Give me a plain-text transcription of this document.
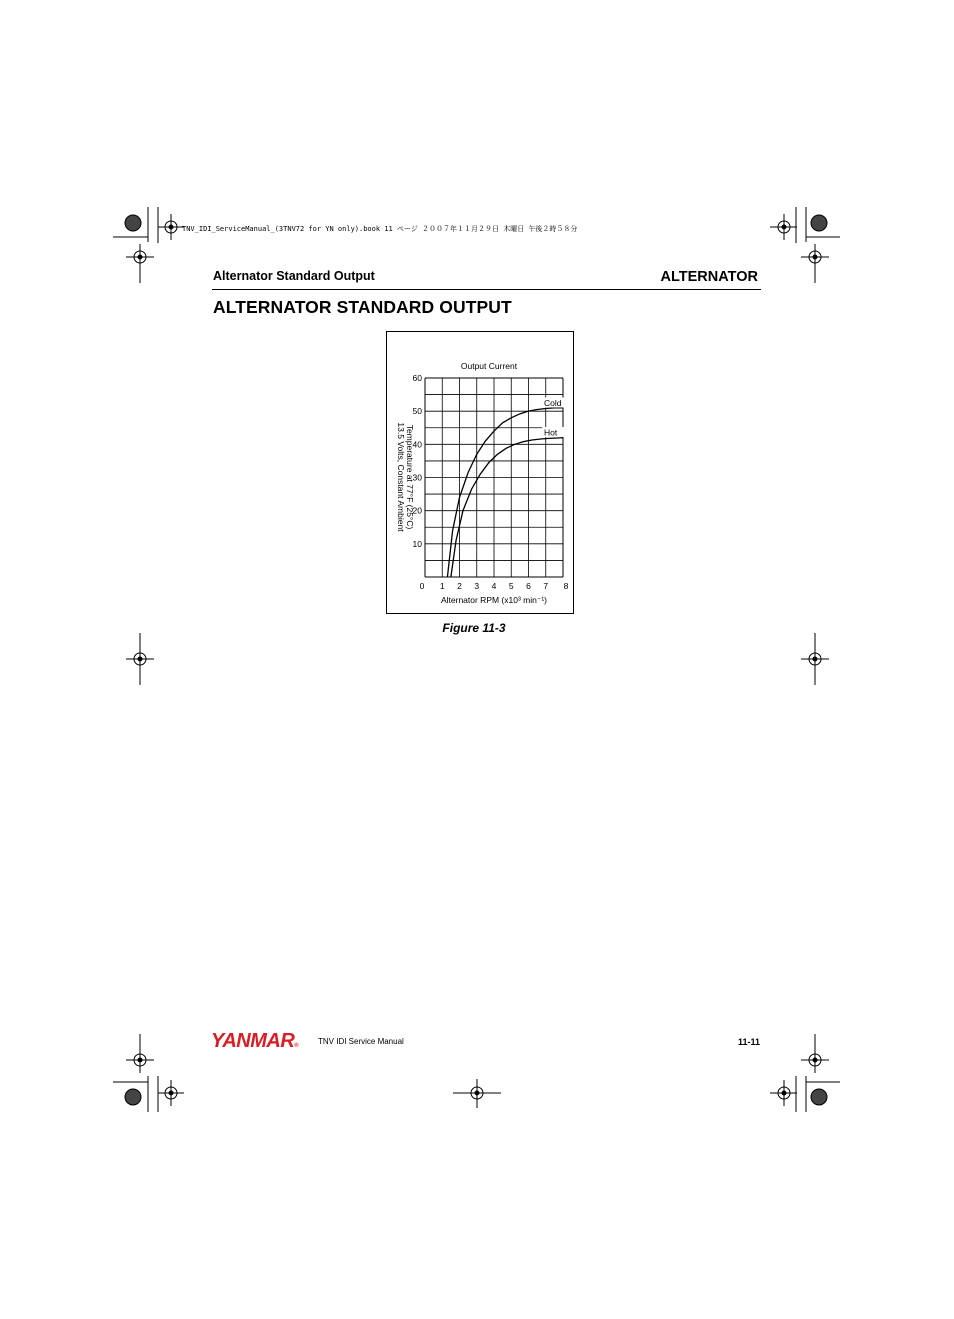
TNV_IDI_ServiceManual_(3TNV72 for YN only).book 11 ページ ２００７年１１月２９日 木曜日 午後２時５８分
Alternator Standard Output	ALTERNATOR
ALTERNATOR STANDARD OUTPUT
Output Current
10
20
30
40
50
60
0 1 2 3 4 5 6 7 8
Alternator RPM (x10³ min⁻¹)
13.5 Volts, Constant Ambient Temperature at 77°F (25°C)
Cold
Hot
Figure 11-3
YANMAR® TNV IDI Service Manual	11-11
